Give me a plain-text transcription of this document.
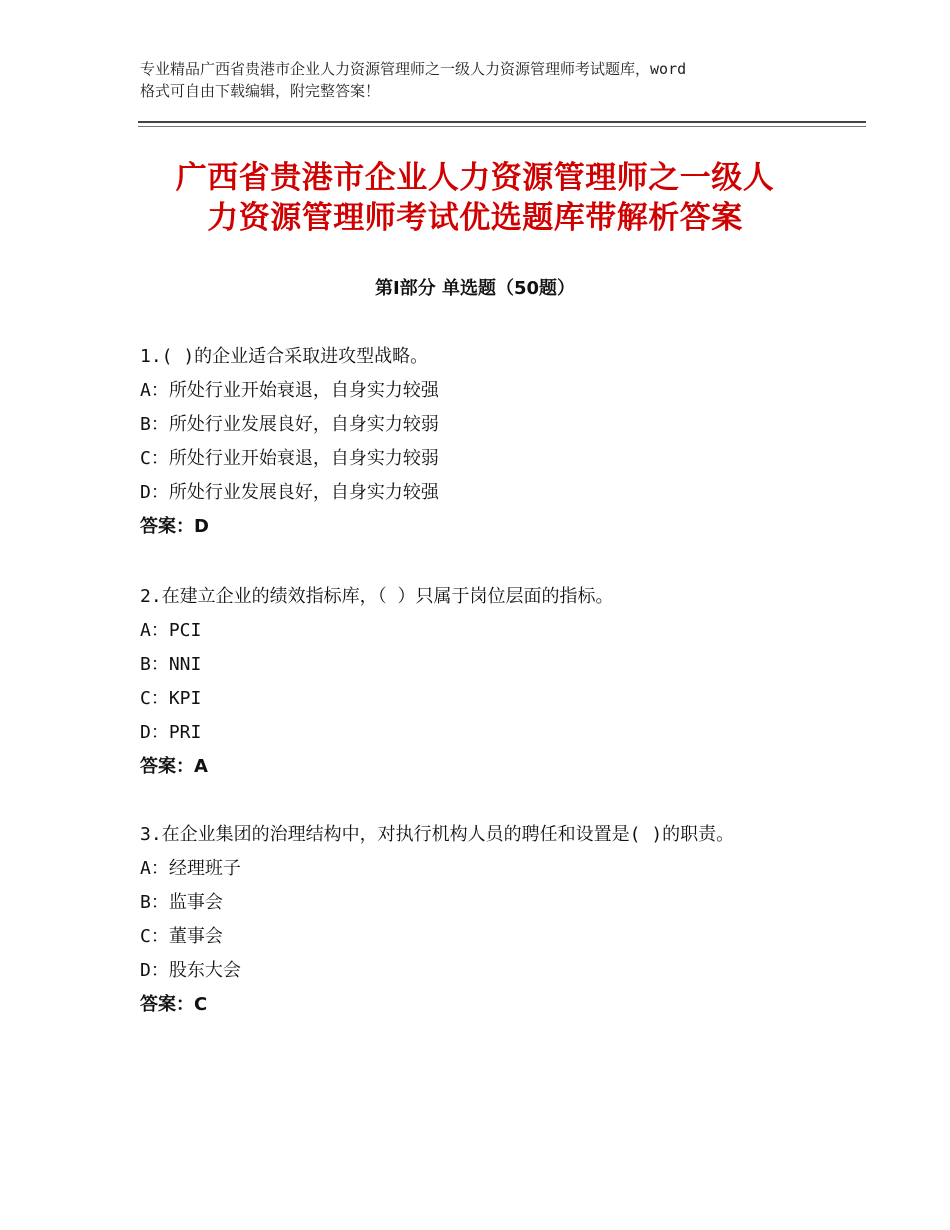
专业精品广西省贵港市企业人力资源管理师之一级人力资源管理师考试题库，word
格式可自由下载编辑，附完整答案！
广西省贵港市企业人力资源管理师之一级人
力资源管理师考试优选题库带解析答案
第Ⅰ部分 单选题（50题）
1.( )的企业适合采取进攻型战略。
A：所处行业开始衰退，自身实力较强
B：所处行业发展良好，自身实力较弱
C：所处行业开始衰退，自身实力较弱
D：所处行业发展良好，自身实力较强
答案：D
2.在建立企业的绩效指标库，（ ）只属于岗位层面的指标。
A：PCI
B：NNI
C：KPI
D：PRI
答案：A
3.在企业集团的治理结构中，对执行机构人员的聘任和设置是( )的职责。
A：经理班子
B：监事会
C：董事会
D：股东大会
答案：C
